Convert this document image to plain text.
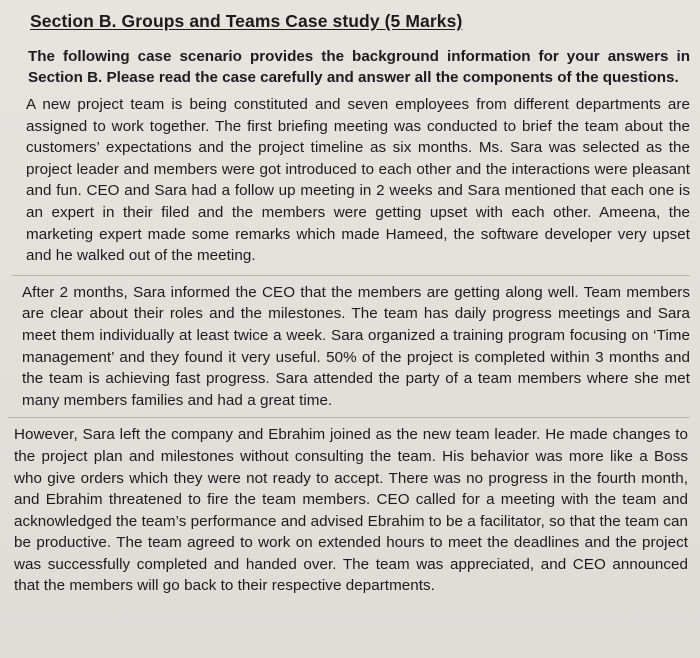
Section B. Groups and Teams Case study (5 Marks)

The following case scenario provides the background information for your answers in Section B. Please read the case carefully and answer all the components of the questions.

A new project team is being constituted and seven employees from different departments are assigned to work together. The first briefing meeting was conducted to brief the team about the customers’ expectations and the project timeline as six months. Ms. Sara was selected as the project leader and members were got introduced to each other and the interactions were pleasant and fun. CEO and Sara had a follow up meeting in 2 weeks and Sara mentioned that each one is an expert in their filed and the members were getting upset with each other. Ameena, the marketing expert made some remarks which made Hameed, the software developer very upset and he walked out of the meeting.

After 2 months, Sara informed the CEO that the members are getting along well. Team members are clear about their roles and the milestones. The team has daily progress meetings and Sara meet them individually at least twice a week. Sara organized a training program focusing on ‘Time management’ and they found it very useful. 50% of the project is completed within 3 months and the team is achieving fast progress. Sara attended the party of a team members where she met many members families and had a great time.

However, Sara left the company and Ebrahim joined as the new team leader. He made changes to the project plan and milestones without consulting the team. His behavior was more like a Boss who give orders which they were not ready to accept. There was no progress in the fourth month, and Ebrahim threatened to fire the team members. CEO called for a meeting with the team and acknowledged the team’s performance and advised Ebrahim to be a facilitator, so that the team can be productive. The team agreed to work on extended hours to meet the deadlines and the project was successfully completed and handed over. The team was appreciated, and CEO announced that the members will go back to their respective departments.
